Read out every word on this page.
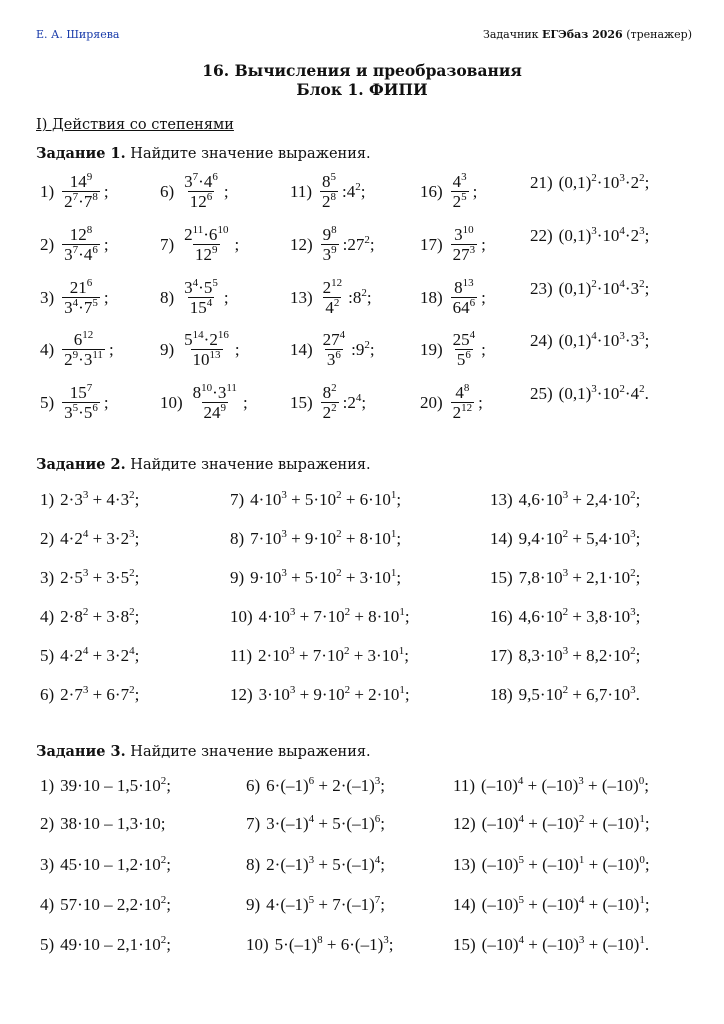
Е. А. Ширяева	Задачник ЕГЭбаз 2026 (тренажер)
16. Вычисления и преобразования
Блок 1. ФИПИ
I) Действия со степенями
Задание 1. Найдите значение выражения.
$1) \frac{14^9}{2^7\cdot 7^8}$ ;	$6) \frac{3^7\cdot 4^6}{12^6}$ ;	$11) \frac{8^5}{2^8}$ $:4^2$;	$16) \frac{4^3}{2^5}$ ;	21) $(0,1)^2\cdot 10^3\cdot 2^2$;
$2) \frac{12^8}{3^7\cdot 4^6}$ ;	$7) \frac{2^{11}\cdot 6^{10}}{12^9}$ ;	$12) \frac{9^8}{3^9}$ $:27^2$;	$17) \frac{3^{10}}{27^3}$ ;	22) $(0,1)^3\cdot 10^4\cdot 2^3$;
$3) \frac{21^6}{3^4\cdot 7^5}$ ;	$8) \frac{3^4\cdot 5^5}{15^4}$ ;	$13) \frac{2^{12}}{4^2}$ $:8^2$;	$18) \frac{8^{13}}{64^6}$ ;	23) $(0,1)^2\cdot 10^4\cdot 3^2$;
$4) \frac{6^{12}}{2^9\cdot 3^{11}}$ ;	$9) \frac{5^{14}\cdot 2^{16}}{10^{13}}$ ;	$14) \frac{27^4}{3^6}$ $:9^2$;	$19) \frac{25^4}{5^6}$ ;	24) $(0,1)^4\cdot 10^3\cdot 3^3$;
$5) \frac{15^7}{3^5\cdot 5^6}$ ;	$10) \frac{8^{10}\cdot 3^{11}}{24^9}$ ; $15) \frac{8^2}{2^2}$ $:2^4$;	$20) \frac{4^8}{2^{12}}$ ;	25) $(0,1)^3\cdot 10^2\cdot 4^2$.
Задание 2. Найдите значение выражения.
1) $2\cdot 3^3 + 4\cdot 3^2$;	7) $4\cdot 10^3 + 5\cdot 10^2 + 6\cdot 10^1$;	13) $4,6\cdot 10^3 + 2,4\cdot 10^2$;
2) $4\cdot 2^4 + 3\cdot 2^3$;	8) $7\cdot 10^3 + 9\cdot 10^2 + 8\cdot 10^1$;	14) $9,4\cdot 10^2 + 5,4\cdot 10^3$;
3) $2\cdot 5^3 + 3\cdot 5^2$;	9) $9\cdot 10^3 + 5\cdot 10^2 + 3\cdot 10^1$;	15) $7,8\cdot 10^3 + 2,1\cdot 10^2$;
4) $2\cdot 8^2 + 3\cdot 8^2$;	10) $4\cdot 10^3 + 7\cdot 10^2 + 8\cdot 10^1$;	16) $4,6\cdot 10^2 + 3,8\cdot 10^3$;
5) $4\cdot 2^4 + 3\cdot 2^4$;	11) $2\cdot 10^3 + 7\cdot 10^2 + 3\cdot 10^1$;	17) $8,3\cdot 10^3 + 8,2\cdot 10^2$;
6) $2\cdot 7^3 + 6\cdot 7^2$;	12) $3\cdot 10^3 + 9\cdot 10^2 + 2\cdot 10^1$;	18) $9,5\cdot 10^2 + 6,7\cdot 10^3$.
Задание 3. Найдите значение выражения.
1) $39\cdot 10 - 1,5\cdot 10^2$;	6) $6\cdot(-1)^6 + 2\cdot(-1)^3$;	11) $(-10)^4 + (-10)^3 + (-10)^0$;
2) 38·10 – 1,3·10;	7) $3\cdot(-1)^4 + 5\cdot(-1)^6$;	12) $(-10)^4 + (-10)^2 + (-10)^1$;
3) $45\cdot 10 - 1,2\cdot 10^2$;	8) $2\cdot(-1)^3 + 5\cdot(-1)^4$;	13) $(-10)^5 + (-10)^1 + (-10)^0$;
4) $57\cdot 10 - 2,2\cdot 10^2$;	9) $4\cdot(-1)^5 + 7\cdot(-1)^7$;	14) $(-10)^5 + (-10)^4 + (-10)^1$;
5) $49\cdot 10 - 2,1\cdot 10^2$;	10) $5\cdot(-1)^8 + 6\cdot(-1)^3$;	15) $(-10)^4 + (-10)^3 + (-10)^1$.
